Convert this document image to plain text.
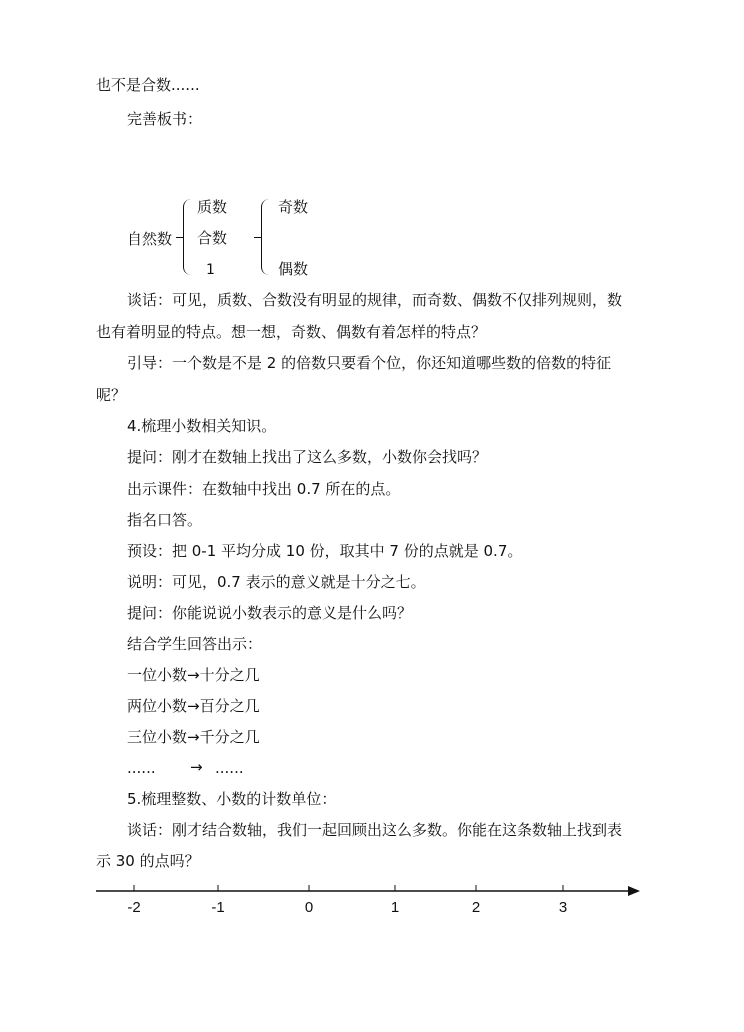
也不是合数......
完善板书：
自然数
质数
合数
1
奇数
偶数
谈话：可见，质数、合数没有明显的规律，而奇数、偶数不仅排列规则，数
也有着明显的特点。想一想，奇数、偶数有着怎样的特点？
引导：一个数是不是 2 的倍数只要看个位，你还知道哪些数的倍数的特征
呢？
4.梳理小数相关知识。
提问：刚才在数轴上找出了这么多数，小数你会找吗？
出示课件：在数轴中找出 0.7 所在的点。
指名口答。
预设：把 0-1 平均分成 10 份，取其中 7 份的点就是 0.7。
说明：可见，0.7 表示的意义就是十分之七。
提问：你能说说小数表示的意义是什么吗？
结合学生回答出示：
一位小数→十分之几
两位小数→百分之几
三位小数→千分之几
...... → ......
5.梳理整数、小数的计数单位：
谈话：刚才结合数轴，我们一起回顾出这么多数。你能在这条数轴上找到表
示 30 的点吗？
-2	-1	0	1	2	3
